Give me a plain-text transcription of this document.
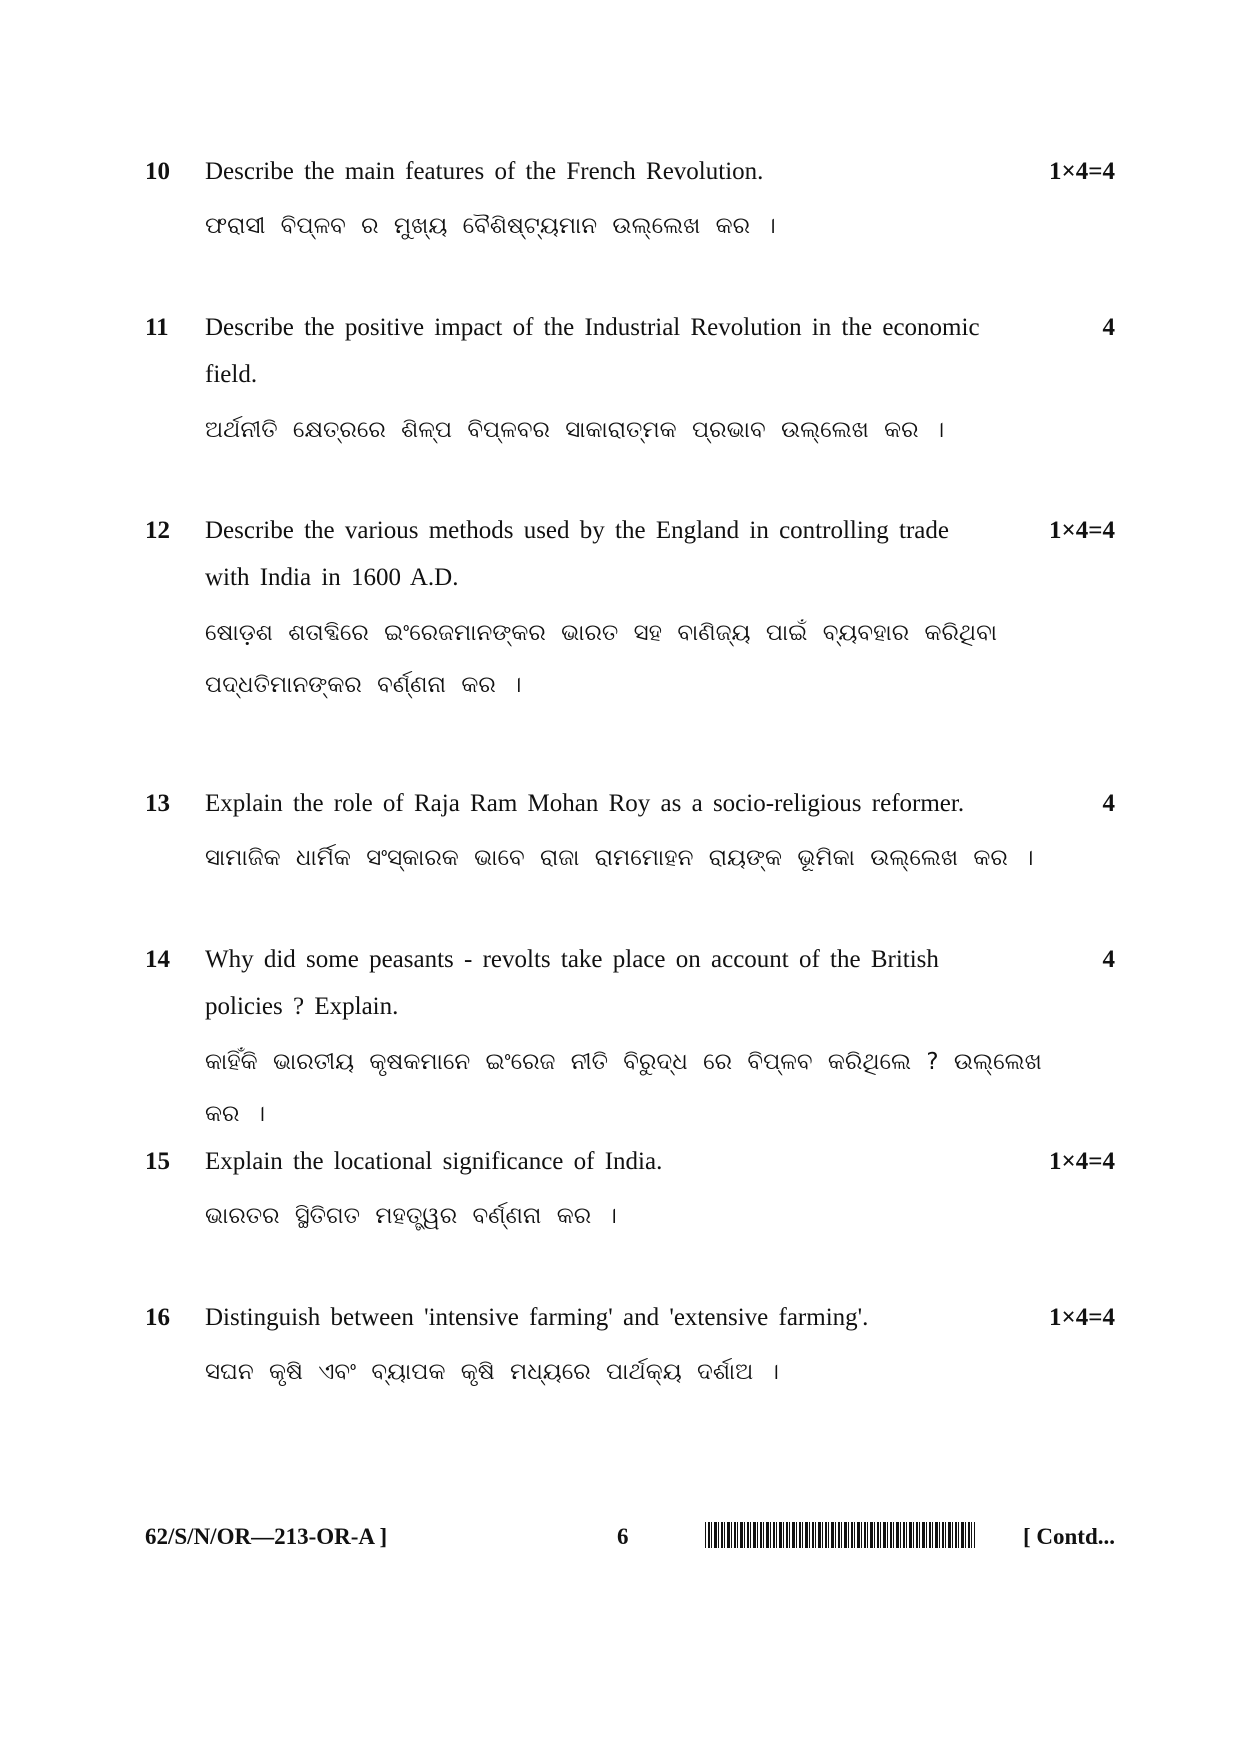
10 Describe the main features of the French Revolution.	1×4=4
ଫରାସୀ ବିପ୍ଳବ ର ମୁଖ୍ୟ ବୈଶିଷ୍ଟ୍ୟମାନ ଉଲ୍ଲେଖ କର ।
11 Describe the positive impact of the Industrial Revolution in the economic field.
4
ଅର୍ଥନୀତି କ୍ଷେତ୍ରରେ ଶିଳ୍ପ ବିପ୍ଳବର ସାକାରାତ୍ମକ ପ୍ରଭାବ ଉଲ୍ଲେଖ କର ।
12 Describe the various methods used by the England in controlling trade with India in 1600 A.D.
1×4=4
ଷୋଡ଼ଶ ଶତାବ୍ଦିରେ ଇଂରେଜମାନଙ୍କର ଭାରତ ସହ ବାଣିଜ୍ୟ ପାଇଁ ବ୍ୟବହାର କରିଥିବା ପଦ୍ଧତିମାନଙ୍କର ବର୍ଣ୍ଣନା କର ।
13 Explain the role of Raja Ram Mohan Roy as a socio-religious reformer.	4
ସାମାଜିକ ଧାର୍ମିକ ସଂସ୍କାରକ ଭାବେ ରାଜା ରାମମୋହନ ରାୟଙ୍କ ଭୂମିକା ଉଲ୍ଲେଖ କର ।
14 Why did some peasants - revolts take place on account of the British policies ? Explain.
4
କାହିଁକି ଭାରତୀୟ କୃଷକମାନେ ଇଂରେଜ ନୀତି ବିରୁଦ୍ଧ ରେ ବିପ୍ଳବ କରିଥିଲେ ? ଉଲ୍ଲେଖ କର ।
15 Explain the locational significance of India.	1×4=4
ଭାରତର ସ୍ଥିତିଗତ ମହତ୍ତ୍ୱର ବର୍ଣ୍ଣନା କର ।
16 Distinguish between 'intensive farming' and 'extensive farming'.	1×4=4
ସଘନ କୃଷି ଏବଂ ବ୍ୟାପକ କୃଷି ମଧ୍ୟରେ ପାର୍ଥକ୍ୟ ଦର୍ଶାଅ ।
62/S/N/OR—213-OR-A ]	6	[ Contd...
